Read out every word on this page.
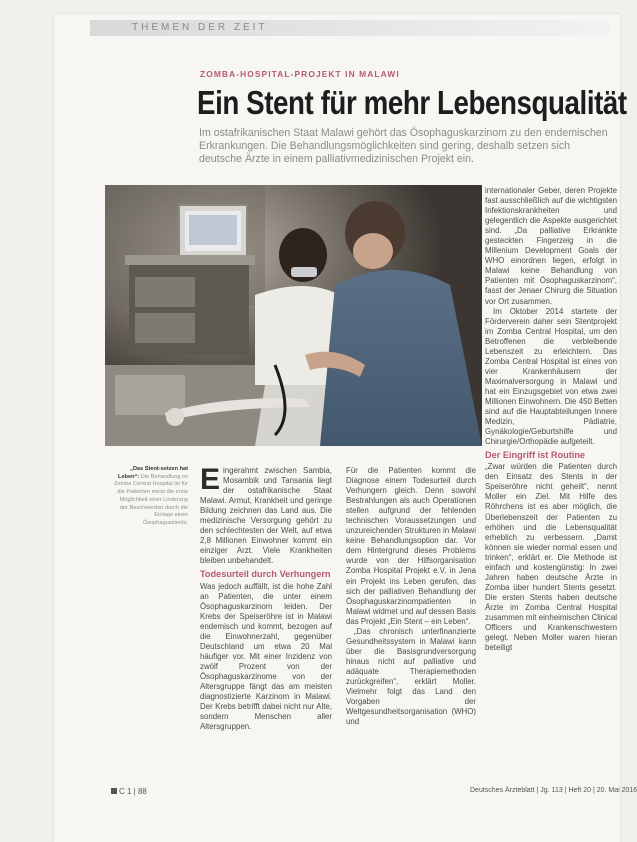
THEMEN DER ZEIT
ZOMBA-HOSPITAL-PROJEKT IN MALAWI
Ein Stent für mehr Lebensqualität
Im ostafrikanischen Staat Malawi gehört das Ösophaguskarzinom zu den endemischen Erkrankungen. Die Behandlungsmöglichkeiten sind gering, deshalb setzen sich deutsche Ärzte in einem palliativmedizinischen Projekt ein.
„Das Stent-setzen hat Leben“: Die Behandlung im Zomba Central Hospital ist für die Patienten meist die erste Möglichkeit einer Linderung der Beschwerden durch die Einlage eines Ösophagusstents.

Eingerahmt zwischen Sambia, Mosambik und Tansania liegt der ostafrikanische Staat Malawi. Armut, Krankheit und geringe Bildung zeichnen das Land aus. Die medizinische Versorgung gehört zu den schlechtesten der Welt, auf etwa 2,8 Millionen Einwohner kommt ein einziger Arzt. Viele Krankheiten bleiben unbehandelt.

Todesurteil durch Verhungern

Was jedoch auffällt, ist die hohe Zahl an Patienten, die unter einem Ösophaguskarzinom leiden. Der Krebs der Speiseröhre ist in Malawi endemisch und kommt, bezogen auf die Einwohnerzahl, gegenüber Deutschland um etwa 20 Mal häufiger vor. Mit einer Inzidenz von zwölf Prozent von der Ösophaguskarzinome von der Altersgruppe fängt das am meisten diagnostizierte Karzinom in Malawi. Der Krebs betrifft dabei nicht nur Alte, sondern Menschen aller Altersgruppen.

Für die Patienten kommt die Diagnose einem Todesurteil durch Verhungern gleich. Denn sowohl Bestrahlungen als auch Operationen stellen aufgrund der fehlenden technischen Voraussetzungen und unzureichenden Strukturen in Malawi keine Behandlungsoption dar. Vor dem Hintergrund dieses Problems wurde von der Hilfsorganisation Zomba Hospital Projekt e.V. in Jena ein Projekt ins Leben gerufen, das sich der palliativen Behandlung der Ösophaguskarzinompatienten in Malawi widmet und auf dessen Basis das Projekt „Ein Stent – ein Leben“.

„Das chronisch unterfinanzierte Gesundheitssystem in Malawi kann über die Basisgrundversorgung hinaus nicht auf palliative und adäquate Therapiemethoden zurückgreifen“, erklärt Moller. Vielmehr folgt das Land den Vorgaben der Weltgesundheitsorganisation (WHO) und

internationaler Geber, deren Projekte fast ausschließlich auf die wichtigsten Infektionskrankheiten und gelegentlich die Aspekte ausgerichtet sind. „Da palliative Erkrankte gesteckten Fingerzeig in die Millenium Development Goals der WHO einordnen liegen, erfolgt in Malawi keine Behandlung von Patienten mit Ösophaguskarzinom“, fasst der Jenaer Chirurg die Situation vor Ort zusammen.

Im Oktober 2014 startete der Förderverein daher sein Stentprojekt im Zomba Central Hospital, um den Betroffenen die verbleibende Lebenszeit zu erleichtern. Das Zomba Central Hospital ist eines von vier Krankenhäusern der Maximalversorgung in Malawi und hat ein Einzugsgebiet von etwa zwei Millionen Einwohnern. Die 450 Betten sind auf die Hauptabteilungen Innere Medizin, Pädiatrie, Gynäkologie/Geburtshilfe und Chirurgie/Orthopädie aufgeteilt.

Der Eingriff ist Routine

„Zwar würden die Patienten durch den Einsatz des Stents in der Speiseröhre nicht geheilt“, nennt Moller ein Ziel. Mit Hilfe des Röhrchens ist es aber möglich, die Überlebenszeit der Patienten zu erhöhen und die Lebensqualität erheblich zu verbessern. „Damit können sie wieder normal essen und trinken“, erklärt er. Die Methode ist einfach und kostengünstig: In zwei Jahren haben deutsche Ärzte in Zomba über hundert Stents gesetzt. Die ersten Stents haben deutsche Ärzte im Zomba Central Hospital zusammen mit einheimischen Clinical Officers und Krankenschwestern gelegt. Neben Moller waren hieran beteiligt

C 1 | 88	Deutsches Ärzteblatt | Jg. 113 | Heft 20 | 20. Mai 2016
